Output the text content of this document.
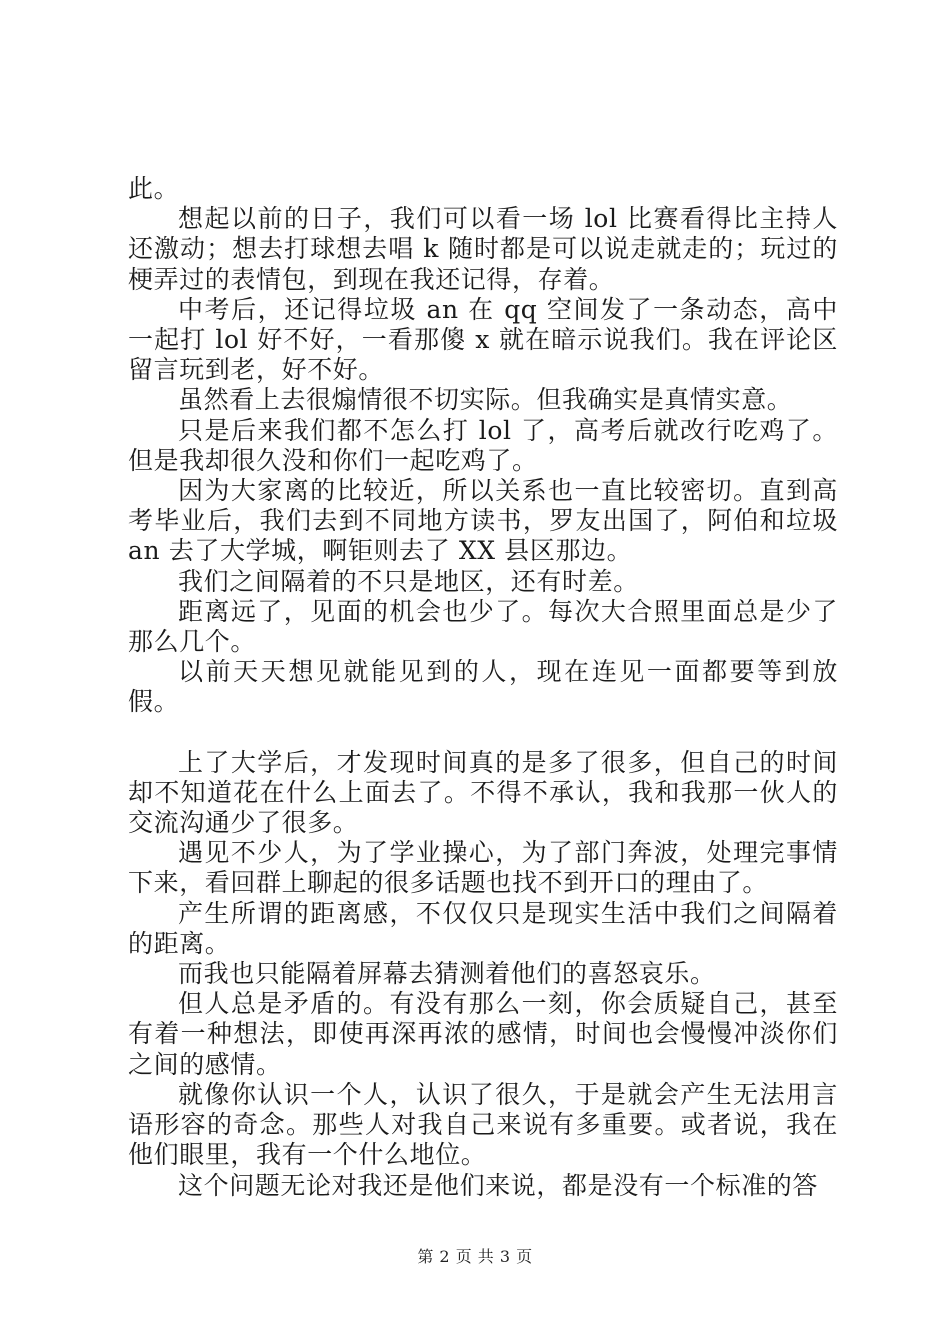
此。

想起以前的日子，我们可以看一场 lol 比赛看得比主持人还激动；想去打球想去唱 k 随时都是可以说走就走的；玩过的梗弄过的表情包，到现在我还记得，存着。

中考后，还记得垃圾 an 在 qq 空间发了一条动态，高中一起打 lol 好不好，一看那傻 x 就在暗示说我们。我在评论区留言玩到老，好不好。

虽然看上去很煽情很不切实际。但我确实是真情实意。

只是后来我们都不怎么打 lol 了，高考后就改行吃鸡了。但是我却很久没和你们一起吃鸡了。

因为大家离的比较近，所以关系也一直比较密切。直到高考毕业后，我们去到不同地方读书，罗友出国了，阿伯和垃圾 an 去了大学城，啊钜则去了 XX 县区那边。

我们之间隔着的不只是地区，还有时差。

距离远了，见面的机会也少了。每次大合照里面总是少了那么几个。

以前天天想见就能见到的人，现在连见一面都要等到放假。

上了大学后，才发现时间真的是多了很多，但自己的时间却不知道花在什么上面去了。不得不承认，我和我那一伙人的交流沟通少了很多。

遇见不少人，为了学业操心，为了部门奔波，处理完事情下来，看回群上聊起的很多话题也找不到开口的理由了。

产生所谓的距离感，不仅仅只是现实生活中我们之间隔着的距离。

而我也只能隔着屏幕去猜测着他们的喜怒哀乐。

但人总是矛盾的。有没有那么一刻，你会质疑自己，甚至有着一种想法，即使再深再浓的感情，时间也会慢慢冲淡你们之间的感情。

就像你认识一个人，认识了很久，于是就会产生无法用言语形容的奇念。那些人对我自己来说有多重要。或者说，我在他们眼里，我有一个什么地位。

这个问题无论对我还是他们来说，都是没有一个标准的答

第 2 页 共 3 页
